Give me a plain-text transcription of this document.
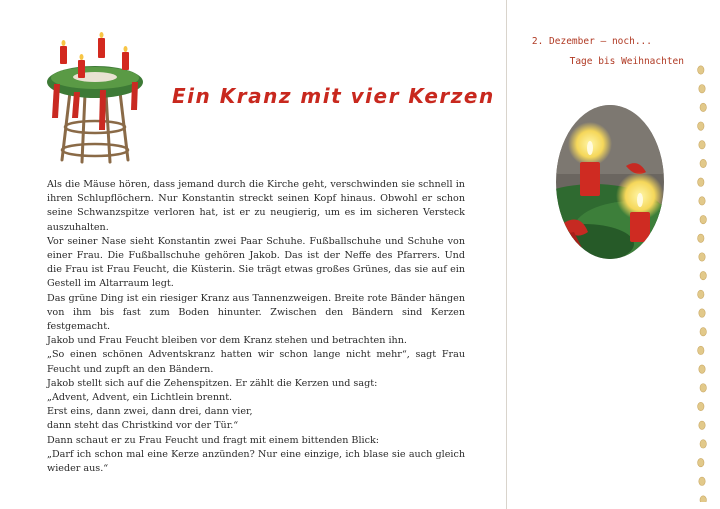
Ein Kranz mit vier Kerzen

Als die Mäuse hören, dass jemand durch die Kirche geht, verschwinden sie schnell in ihren Schlupflöchern. Nur Konstantin streckt seinen Kopf hinaus. Obwohl er schon seine Schwanzspitze verloren hat, ist er zu neugierig, um es im sicheren Versteck auszuhalten.

Vor seiner Nase sieht Konstantin zwei Paar Schuhe. Fußballschuhe und Schuhe von einer Frau. Die Fußballschuhe gehören Jakob. Das ist der Neffe des Pfarrers. Und die Frau ist Frau Feucht, die Küsterin. Sie trägt etwas großes Grünes, das sie auf ein Gestell im Altarraum legt.

Das grüne Ding ist ein riesiger Kranz aus Tannenzweigen. Breite rote Bänder hängen von ihm bis fast zum Boden hinunter. Zwischen den Bändern sind Kerzen festgemacht.

Jakob und Frau Feucht bleiben vor dem Kranz stehen und betrachten ihn.

„So einen schönen Adventskranz hatten wir schon lange nicht mehr“, sagt Frau Feucht und zupft an den Bändern.

Jakob stellt sich auf die Zehenspitzen. Er zählt die Kerzen und sagt:

„Advent, Advent, ein Lichtlein brennt.

Erst eins, dann zwei, dann drei, dann vier,

dann steht das Christkind vor der Tür.“

Dann schaut er zu Frau Feucht und fragt mit einem bittenden Blick:

„Darf ich schon mal eine Kerze anzünden? Nur eine einzige, ich blase sie auch gleich wieder aus.“

2. Dezember – noch...
Tage bis Weihnachten
